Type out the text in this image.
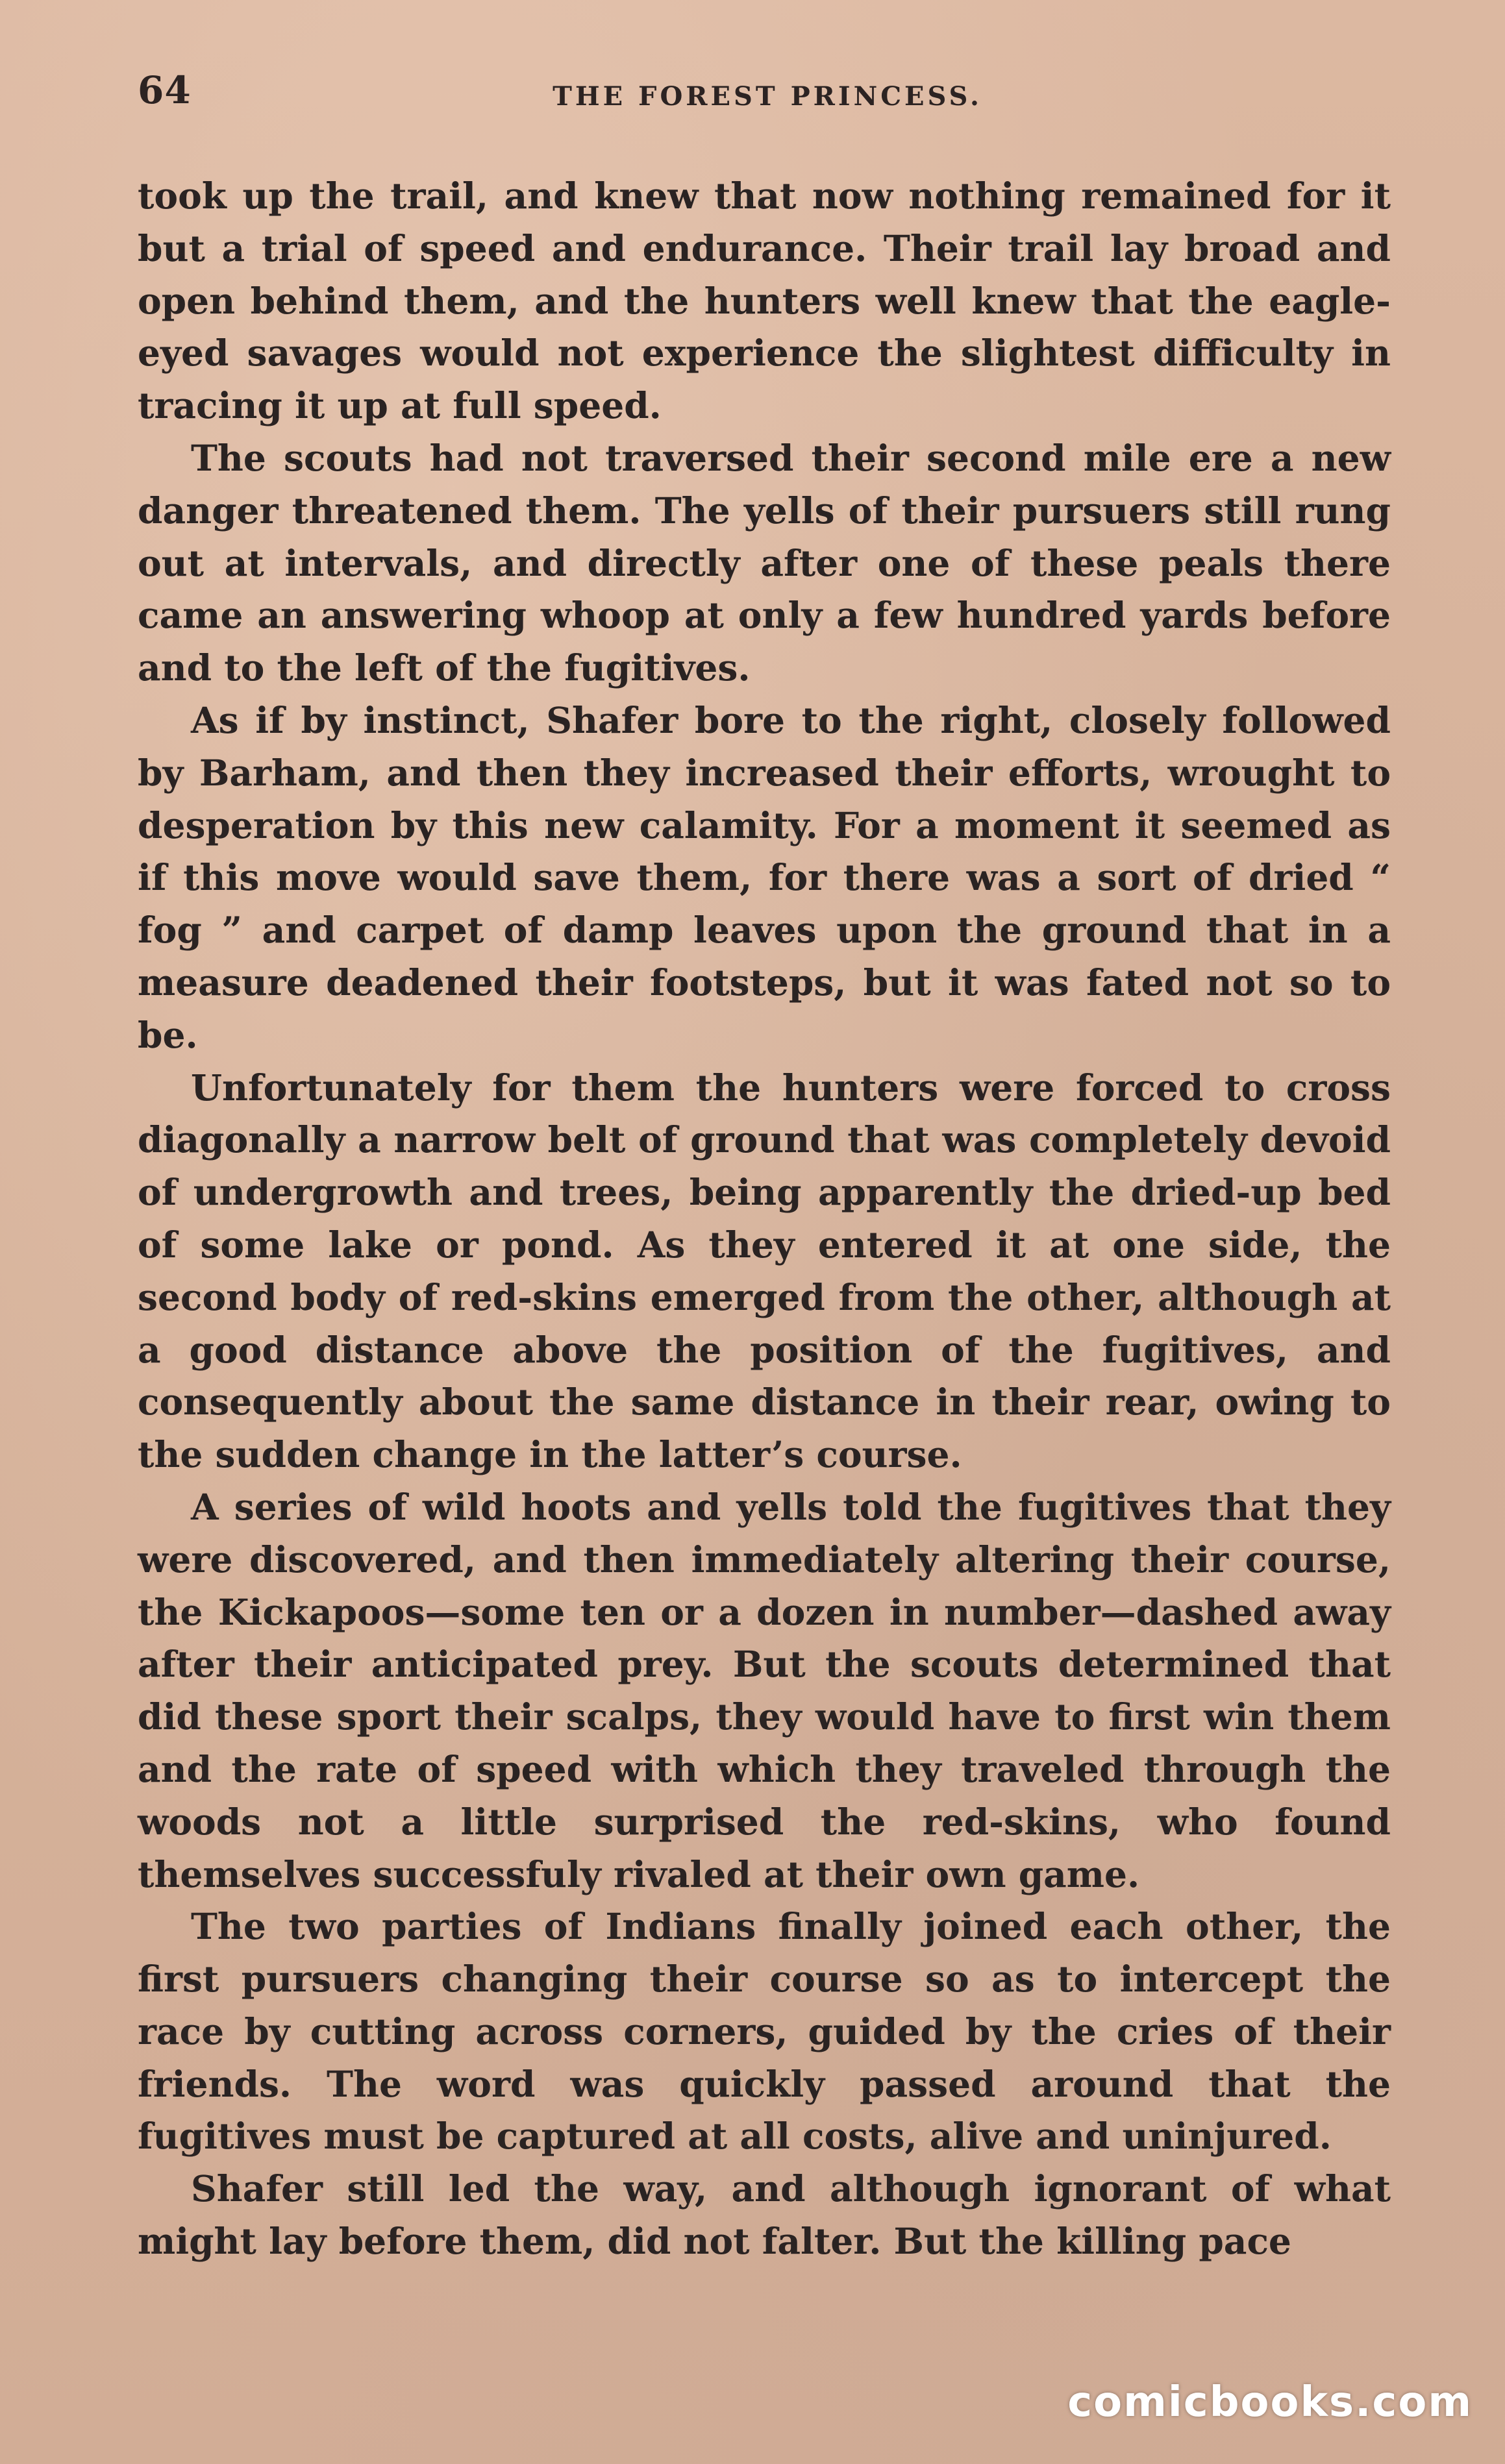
64	THE FOREST PRINCESS.

took up the trail, and knew that now nothing remained for it but a trial of speed and endurance. Their trail lay broad and open behind them, and the hunters well knew that the eagle-eyed savages would not experience the slightest difficulty in tracing it up at full speed.

The scouts had not traversed their second mile ere a new danger threatened them. The yells of their pursuers still rung out at intervals, and directly after one of these peals there came an answering whoop at only a few hundred yards before and to the left of the fugitives.

As if by instinct, Shafer bore to the right, closely followed by Barham, and then they increased their efforts, wrought to desperation by this new calamity. For a moment it seemed as if this move would save them, for there was a sort of dried “ fog ” and carpet of damp leaves upon the ground that in a measure deadened their footsteps, but it was fated not so to be.

Unfortunately for them the hunters were forced to cross diagonally a narrow belt of ground that was completely devoid of undergrowth and trees, being apparently the dried-up bed of some lake or pond. As they entered it at one side, the second body of red-skins emerged from the other, although at a good distance above the position of the fugitives, and consequently about the same distance in their rear, owing to the sudden change in the latter’s course.

A series of wild hoots and yells told the fugitives that they were discovered, and then immediately altering their course, the Kickapoos—some ten or a dozen in number—dashed away after their anticipated prey. But the scouts determined that did these sport their scalps, they would have to first win them and the rate of speed with which they traveled through the woods not a little surprised the red-skins, who found themselves successfuly rivaled at their own game.

The two parties of Indians finally joined each other, the first pursuers changing their course so as to intercept the race by cutting across corners, guided by the cries of their friends. The word was quickly passed around that the fugitives must be captured at all costs, alive and uninjured.

Shafer still led the way, and although ignorant of what might lay before them, did not falter. But the killing pace

comicbooks.com
